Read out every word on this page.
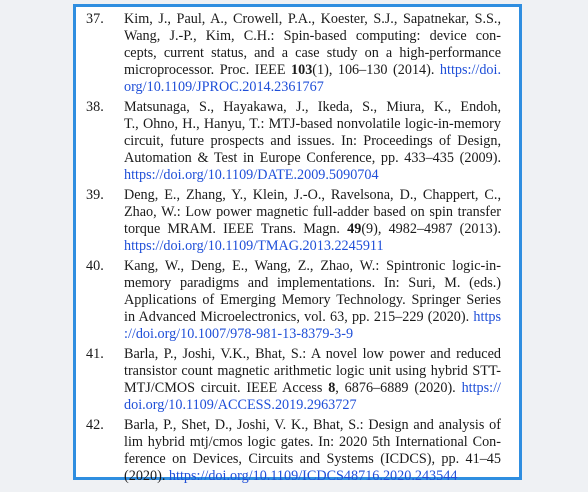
37.	Kim, J., Paul, A., Crowell, P.A., Koester, S.J., Sapatnekar, S.S.,
Wang, J.-P., Kim, C.H.: Spin-based computing: device con-
cepts, current status, and a case study on a high-performance
microprocessor. Proc. IEEE 103(1), 106–130 (2014). https://doi.
org/10.1109/JPROC.2014.2361767
38.	Matsunaga, S., Hayakawa, J., Ikeda, S., Miura, K., Endoh,
T., Ohno, H., Hanyu, T.: MTJ-based nonvolatile logic-in-memory
circuit, future prospects and issues. In: Proceedings of Design,
Automation & Test in Europe Conference, pp. 433–435 (2009).
https://doi.org/10.1109/DATE.2009.5090704
39.	Deng, E., Zhang, Y., Klein, J.-O., Ravelsona, D., Chappert, C.,
Zhao, W.: Low power magnetic full-adder based on spin transfer
torque MRAM. IEEE Trans. Magn. 49(9), 4982–4987 (2013).
https://doi.org/10.1109/TMAG.2013.2245911
40.	Kang, W., Deng, E., Wang, Z., Zhao, W.: Spintronic logic-in-
memory paradigms and implementations. In: Suri, M. (eds.)
Applications of Emerging Memory Technology. Springer Series
in Advanced Microelectronics, vol. 63, pp. 215–229 (2020). https
://doi.org/10.1007/978-981-13-8379-3-9
41.	Barla, P., Joshi, V.K., Bhat, S.: A novel low power and reduced
transistor count magnetic arithmetic logic unit using hybrid STT-
MTJ/CMOS circuit. IEEE Access 8, 6876–6889 (2020). https://
doi.org/10.1109/ACCESS.2019.2963727
42.	Barla, P., Shet, D., Joshi, V. K., Bhat, S.: Design and analysis of
lim hybrid mtj/cmos logic gates. In: 2020 5th International Con-
ference on Devices, Circuits and Systems (ICDCS), pp. 41–45
(2020). https://doi.org/10.1109/ICDCS48716.2020.243544
